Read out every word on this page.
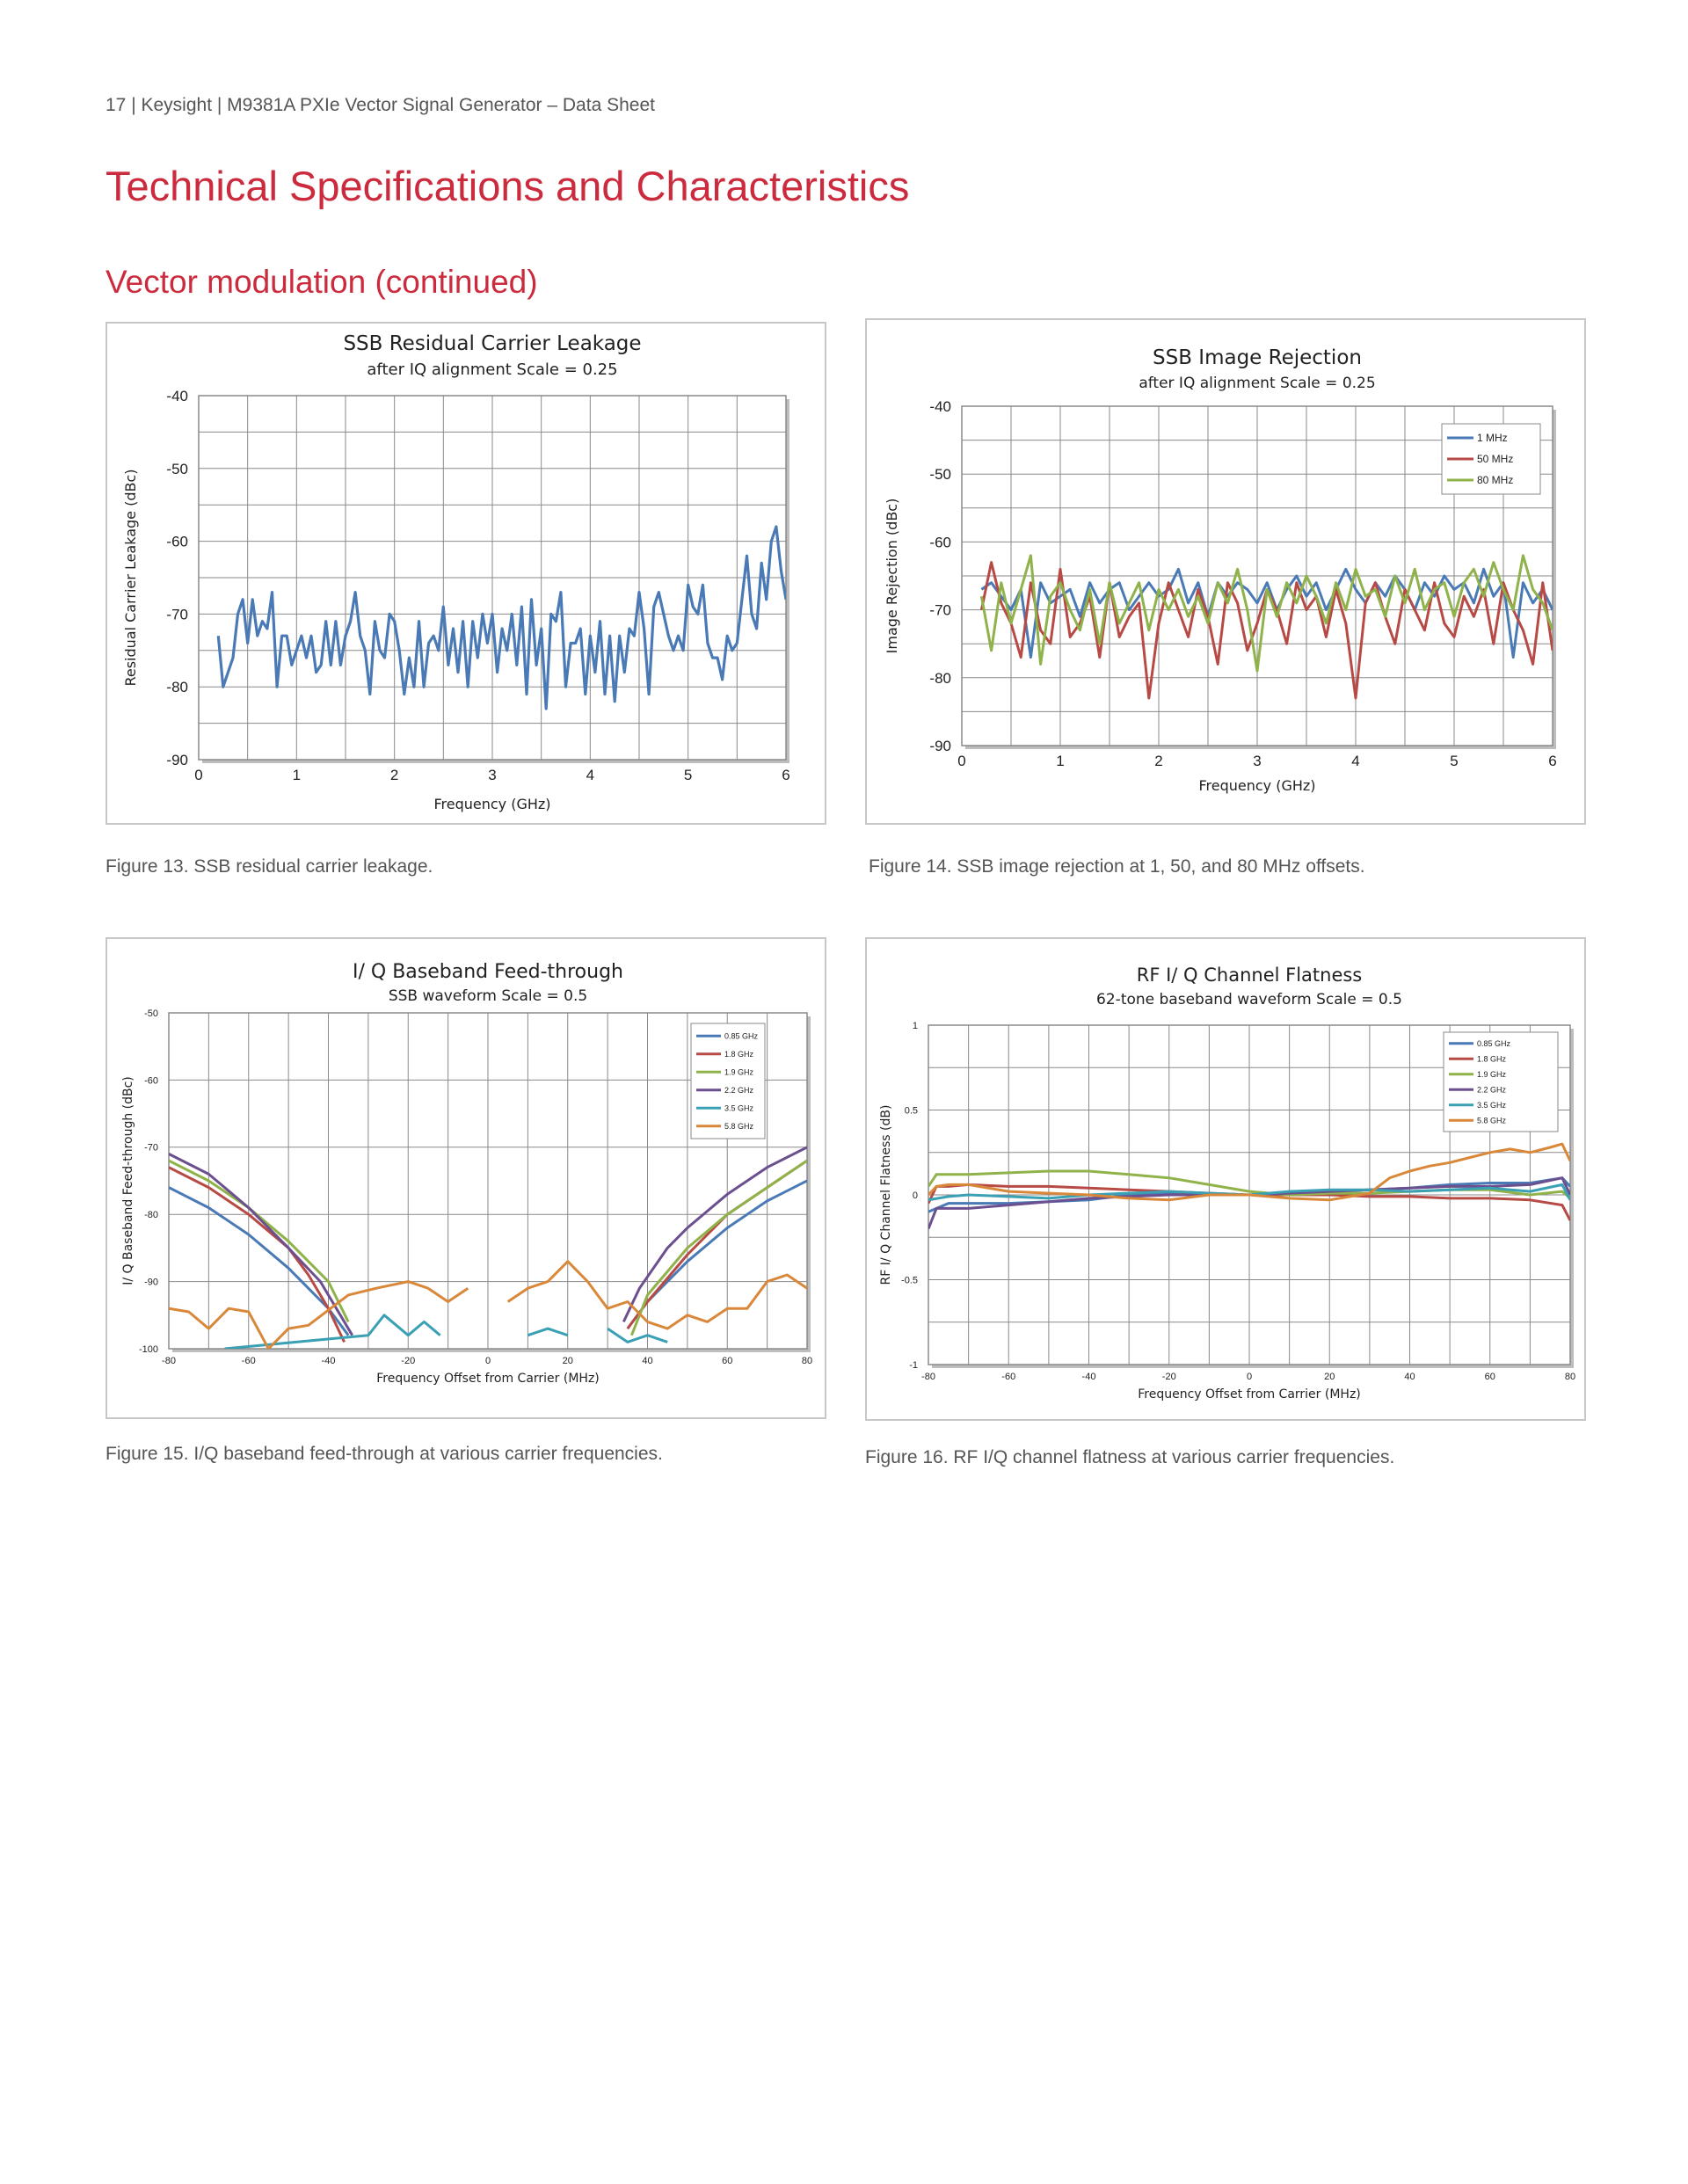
17 | Keysight | M9381A PXIe Vector Signal Generator – Data Sheet
Technical Specifications and Characteristics
Vector modulation (continued)
SSB Residual Carrier Leakage
after IQ alignment Scale = 0.25
0	1	2	3	4	5	6
-40
-50
-60
-70
-80
-90
Frequency (GHz)
Residual Carrier Leakage (dBc)
SSB Image Rejection
after IQ alignment Scale = 0.25
0	1	2	3	4	5	6
-40
-50
-60
-70
-80
-90
Frequency (GHz)
Image Rejection (dBc)
1 MHz
50 MHz
80 MHz
I/ Q Baseband Feed-through
SSB waveform Scale = 0.5
-80	-60	-40	-20	0	20	40	60	80
-50
-60
-70
-80
-90
-100
Frequency Offset from Carrier (MHz)
I/ Q Baseband Feed-through (dBc)
0.85 GHz
1.8 GHz
1.9 GHz
2.2 GHz
3.5 GHz
5.8 GHz
RF I/ Q Channel Flatness
62-tone baseband waveform Scale = 0.5
-80	-60	-40	-20	0	20	40	60	80
1
0.5
0
-0.5
-1
Frequency Offset from Carrier (MHz)
RF I/ Q Channel Flatness (dB)
0.85 GHz
1.8 GHz
1.9 GHz
2.2 GHz
3.5 GHz
5.8 GHz
Figure 13. SSB residual carrier leakage.	Figure 14. SSB image rejection at 1, 50, and 80 MHz offsets.
Figure 15. I/Q baseband feed-through at various carrier frequencies.	Figure 16. RF I/Q channel flatness at various carrier frequencies.
